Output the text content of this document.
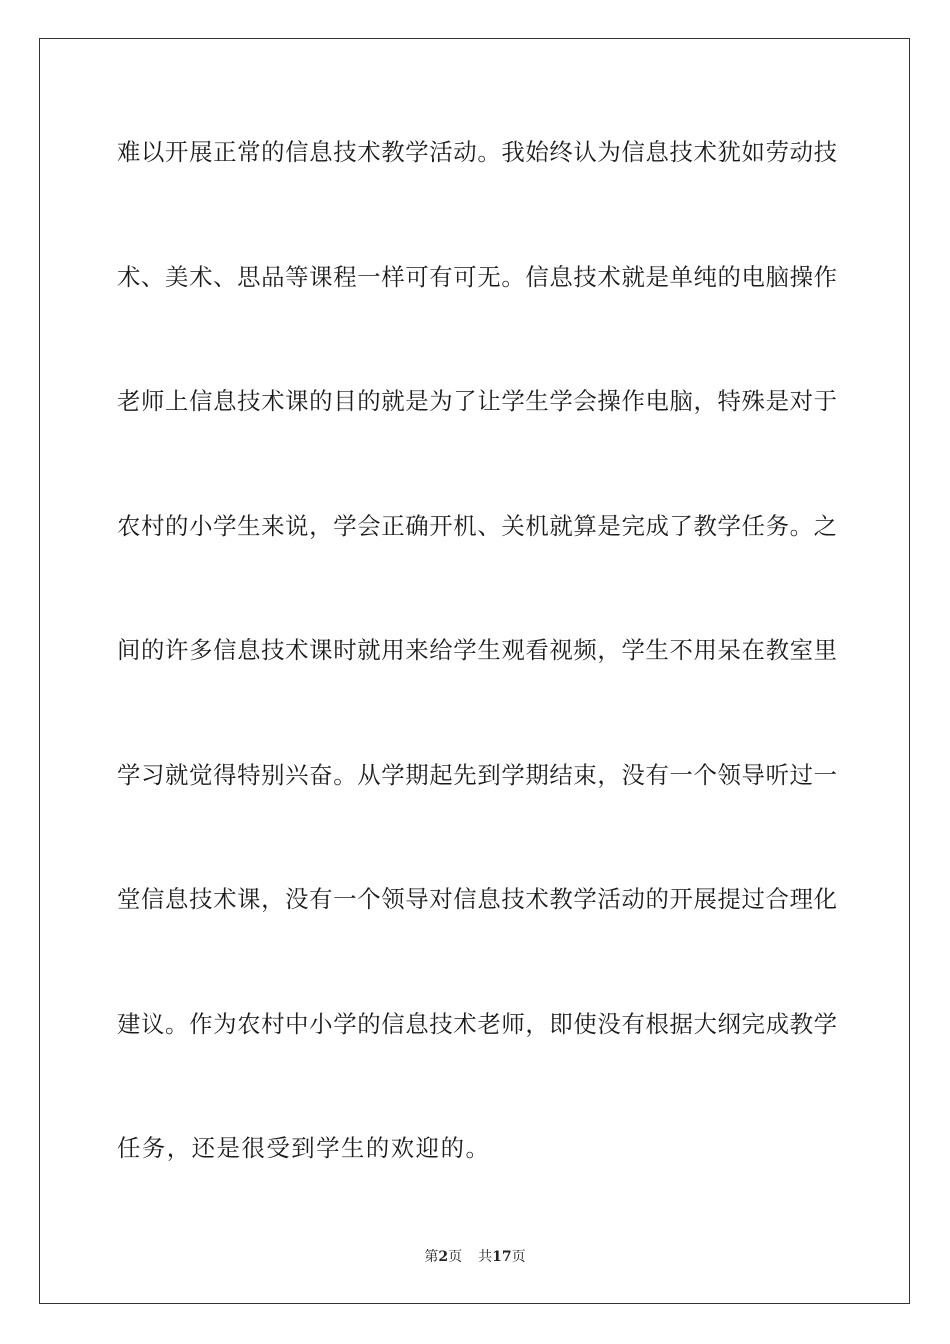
难以开展正常的信息技术教学活动。我始终认为信息技术犹如劳动技
术、美术、思品等课程一样可有可无。信息技术就是单纯的电脑操作
老师上信息技术课的目的就是为了让学生学会操作电脑，特殊是对于
农村的小学生来说，学会正确开机、关机就算是完成了教学任务。之
间的许多信息技术课时就用来给学生观看视频，学生不用呆在教室里
学习就觉得特别兴奋。从学期起先到学期结束，没有一个领导听过一
堂信息技术课，没有一个领导对信息技术教学活动的开展提过合理化
建议。作为农村中小学的信息技术老师，即使没有根据大纲完成教学
任务，还是很受到学生的欢迎的。
第2页 共17页
